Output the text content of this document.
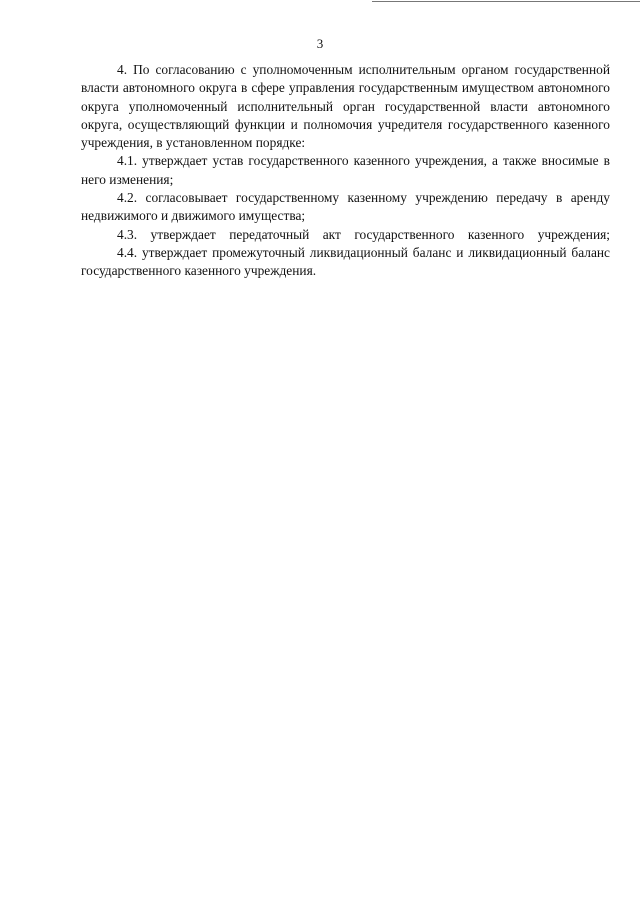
3

4. По согласованию с уполномоченным исполнительным органом государственной власти автономного округа в сфере управления государственным имуществом автономного округа уполномоченный исполнительный орган государственной власти автономного округа, осуществляющий функции и полномочия учредителя государственного казенного учреждения, в установленном порядке:

4.1. утверждает устав государственного казенного учреждения, а также вносимые в него изменения;

4.2. согласовывает государственному казенному учреждению передачу в аренду недвижимого и движимого имущества;

4.3. утверждает передаточный акт государственного казенного учреждения;

4.4. утверждает промежуточный ликвидационный баланс и ликвидационный баланс государственного казенного учреждения.
